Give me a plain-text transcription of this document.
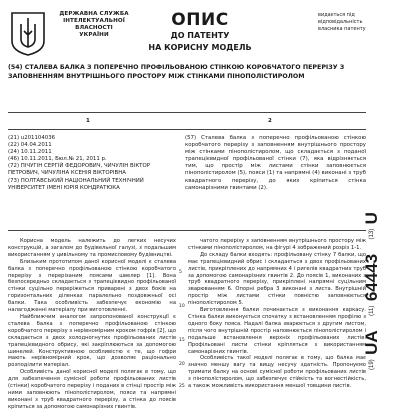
ДЕРЖАВНА СЛУЖБА
ІНТЕЛЕКТУАЛЬНОЇ
ВЛАСНОСТІ
УКРАЇНИ
ОПИС
ДО ПАТЕНТУ
НА КОРИСНУ МОДЕЛЬ
видається під відповідальність власника патенту
(54) СТАЛЕВА БАЛКА З ПОПЕРЕЧНО ПРОФІЛЬОВАНОЮ СТІНКОЮ КОРОБЧАТОГО ПЕРЕРІЗУ З ЗАПОВНЕННЯМ ВНУТРІШНЬОГО ПРОСТОРУ МІЖ СТІНКАМИ ПІНОПОЛІСТИРОЛОМ
1	2
(21) u201104036
(22) 04.04.2011
(24) 10.11.2011
(46) 10.11.2011, Бюл.№ 21, 2011 р.
(72) ПІЧУГІН СЕРГІЙ ФЕДОРОВИЧ, ЧИЧУЛІН ВІКТОР ПЕТРОВИЧ, ЧИЧУЛІНА КСЕНІЯ ВІКТОРІВНА
(73) ПОЛТАВСЬКИЙ НАЦІОНАЛЬНИЙ ТЕХНІЧНИЙ УНІВЕРСИТЕТ ІМЕНІ ЮРІЯ КОНДРАТЮКА
(57) Сталева балка з поперечно профільованою стінкою коробчатого перерізу з заповненням внутрішнього простору між стінками пінополістиролом, що складається з поданої трапецієвидної профільованої стінки (7), яка відрізняється тим, що простір між листами стінки заповнюється пінополістиролом (5), пояси (1) та напрямні (4) виконані з труб квадратного перерізу, до яких кріпиться стінка самонарізними гвинтами (2).

Корисна модель належить до легких несучих конструкцій, а загалом до будівельної галузі, з подальшим використанням у цивільному та промисловому будівництві.

Близьким прототипом даної корисної моделі є сталева балка з поперечно профільованою стінкою коробчатого перерізу з перерізаним поясами швелер [1]. Вона безпосередньо складається з трапецієвидно профільованої стінки суцільно переріжеться приварені з двох боків на горизонтальних діленках паралельно поздовжньої осі балки. Така особливість забезпечує економію на налагодженні матеріалу при виготовленні.

Найближчим аналогом запропонованої конструкції є сталева балка з поперечно профільованою стінкою коробчатого перерізу з нерівномірним кроком гофрів [2], що складається з двох холодногнутих профільованих листів трапецієвидного обрису, які закріплюються за допомогою шинелей. Конструктивною особливістю є те, що гофри мають нерівномірний крок, що дозволяє раціонально розподілити матеріал.

Особливість даної корисної моделі полягає в тому, що для забезпечення сумісної роботи профільованих листів (стінки) коробчатого перерізу і поданих в стінці простір між ними заповнюють пінополістиролом, пояси та напрямні виконані з труб квадратного перерізу, а стінка до поясів кріпиться за допомогою самонарізних гвинтів.

5
10
15
20
25

чатого перерізу з заповненням внутрішнього простору між стінками пінополістиролом, на фігурі 4 зображений розріз 1-1.

До складу балки входять: профільовану стінку 7 балки, що має трапецієвидний обрис і складається з двох профільованих листів, прикріплених до напрямних 4 і ригелів квадратних труб за допомогою самонарізних гвинтів 2. До поясів 1, виконаних з труб квадратного перерізу, прикріплені напрямні суцільним зварюванням 6. Опорні ребра 3 виконані з листа. Внутрішній простір між листами стінки повністю заповнюється пінополістиролом 5.

Виготовлення балки починається з виконання каркасу. Стінка балки виконується спочатку з встановленням профілю з одного боку пояса. Надалі балка зварюється з другим листом, після чого внутрішній простір наповнюється пінополістиролом і подальше встановлення верхніх профільованих листів. Профільовані листи стінки кріпляться з використанням самонарізних гвинтів.

Особливість такої моделі полягає в тому, що балка має значно меншу вагу та вищу несучу здатність. Пропонуємо тримати балку на основі сумісної роботи профільованих листів з пінополістиролом, що забезпечує стійкість та вогнестійкість, а також можливість використання меншої товщини листів.

(19) UA (11) 64443 (13) U
